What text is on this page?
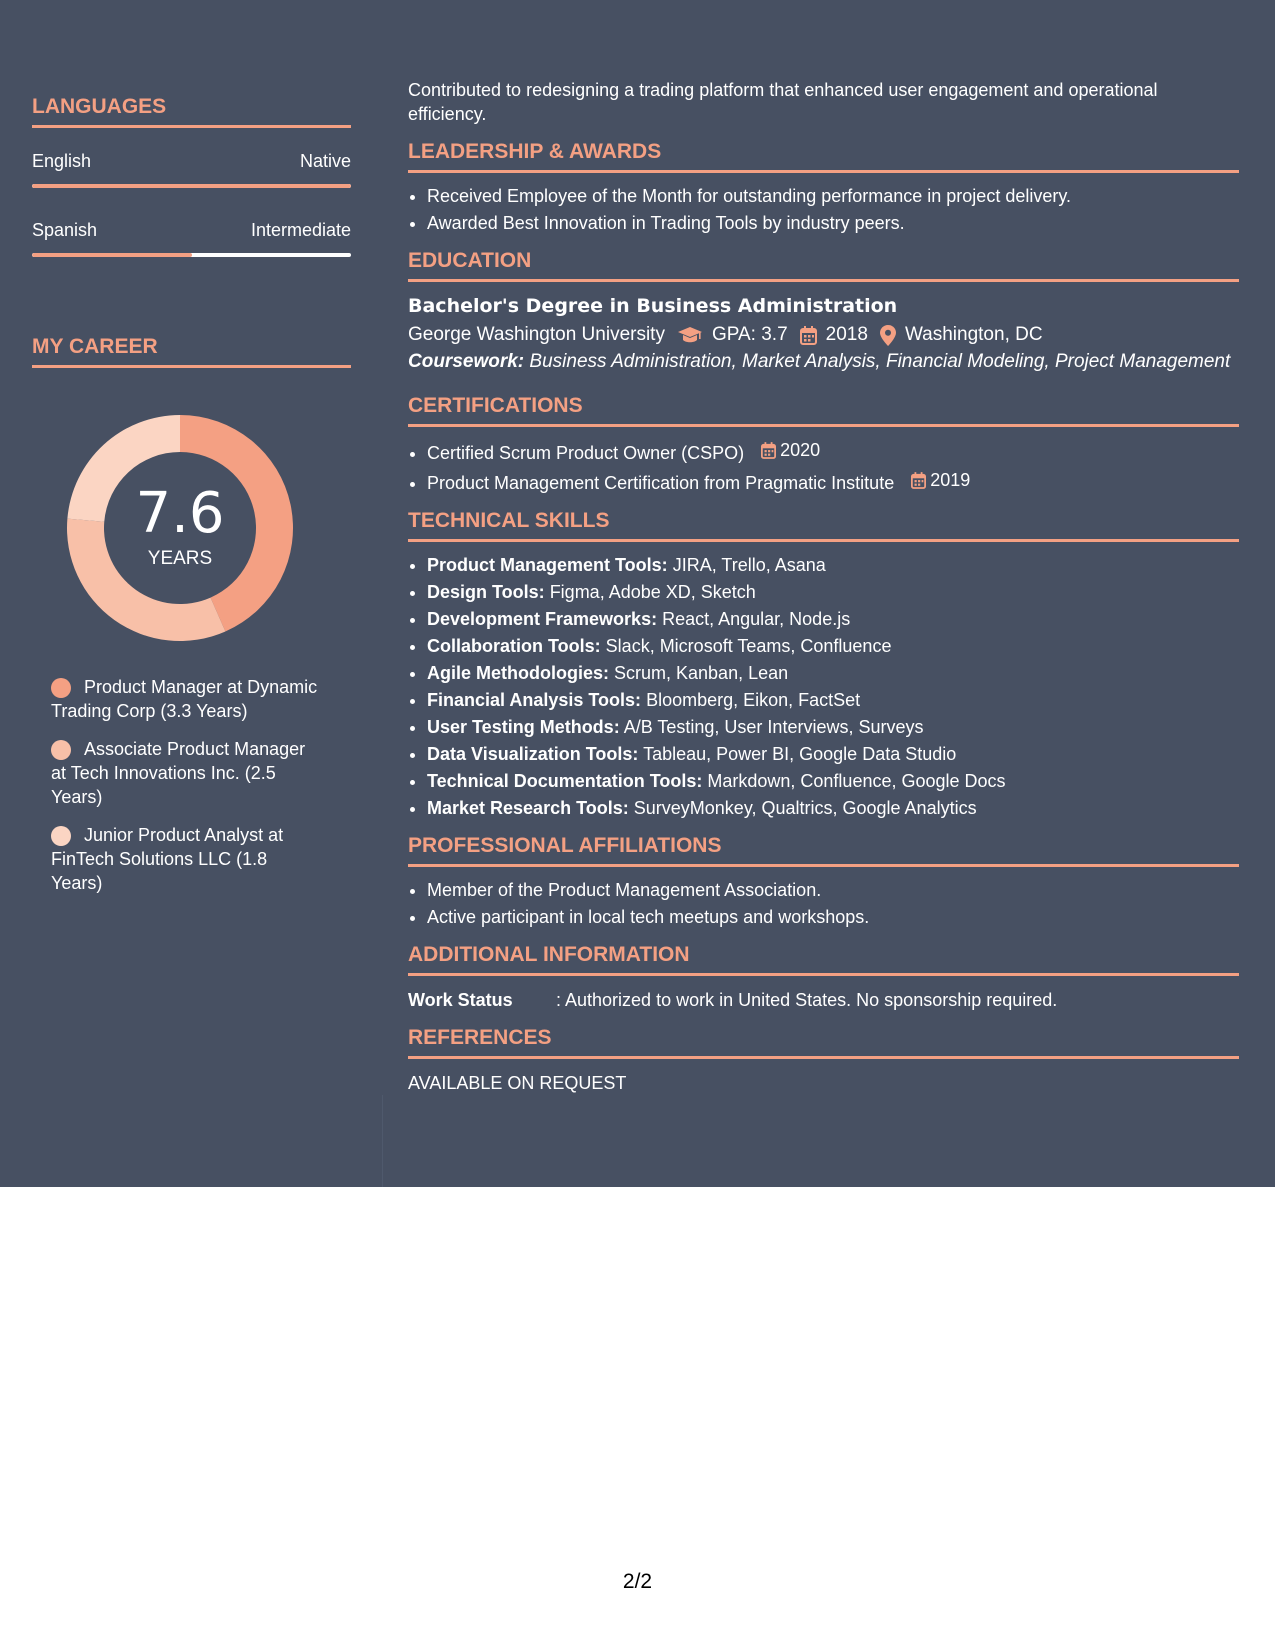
LANGUAGES
English	Native
Spanish	Intermediate
MY CAREER
7.6
YEARS
Product Manager at Dynamic Trading Corp (3.3 Years)
Associate Product Manager at Tech Innovations Inc. (2.5 Years)
Junior Product Analyst at FinTech Solutions LLC (1.8 Years)

Contributed to redesigning a trading platform that enhanced user engagement and operational efficiency.

LEADERSHIP & AWARDS
• Received Employee of the Month for outstanding performance in project delivery.
• Awarded Best Innovation in Trading Tools by industry peers.
EDUCATION
Bachelor's Degree in Business Administration
George Washington University GPA: 3.7 2018 Washington, DC
Coursework: Business Administration, Market Analysis, Financial Modeling, Project Management
CERTIFICATIONS
• Certified Scrum Product Owner (CSPO) 2020
• Product Management Certification from Pragmatic Institute 2019
TECHNICAL SKILLS
• Product Management Tools: JIRA, Trello, Asana
• Design Tools: Figma, Adobe XD, Sketch
• Development Frameworks: React, Angular, Node.js
• Collaboration Tools: Slack, Microsoft Teams, Confluence
• Agile Methodologies: Scrum, Kanban, Lean
• Financial Analysis Tools: Bloomberg, Eikon, FactSet
• User Testing Methods: A/B Testing, User Interviews, Surveys
• Data Visualization Tools: Tableau, Power BI, Google Data Studio
• Technical Documentation Tools: Markdown, Confluence, Google Docs
• Market Research Tools: SurveyMonkey, Qualtrics, Google Analytics
PROFESSIONAL AFFILIATIONS
• Member of the Product Management Association.
• Active participant in local tech meetups and workshops.
ADDITIONAL INFORMATION
Work Status : Authorized to work in United States. No sponsorship required.
REFERENCES
AVAILABLE ON REQUEST
2/2
